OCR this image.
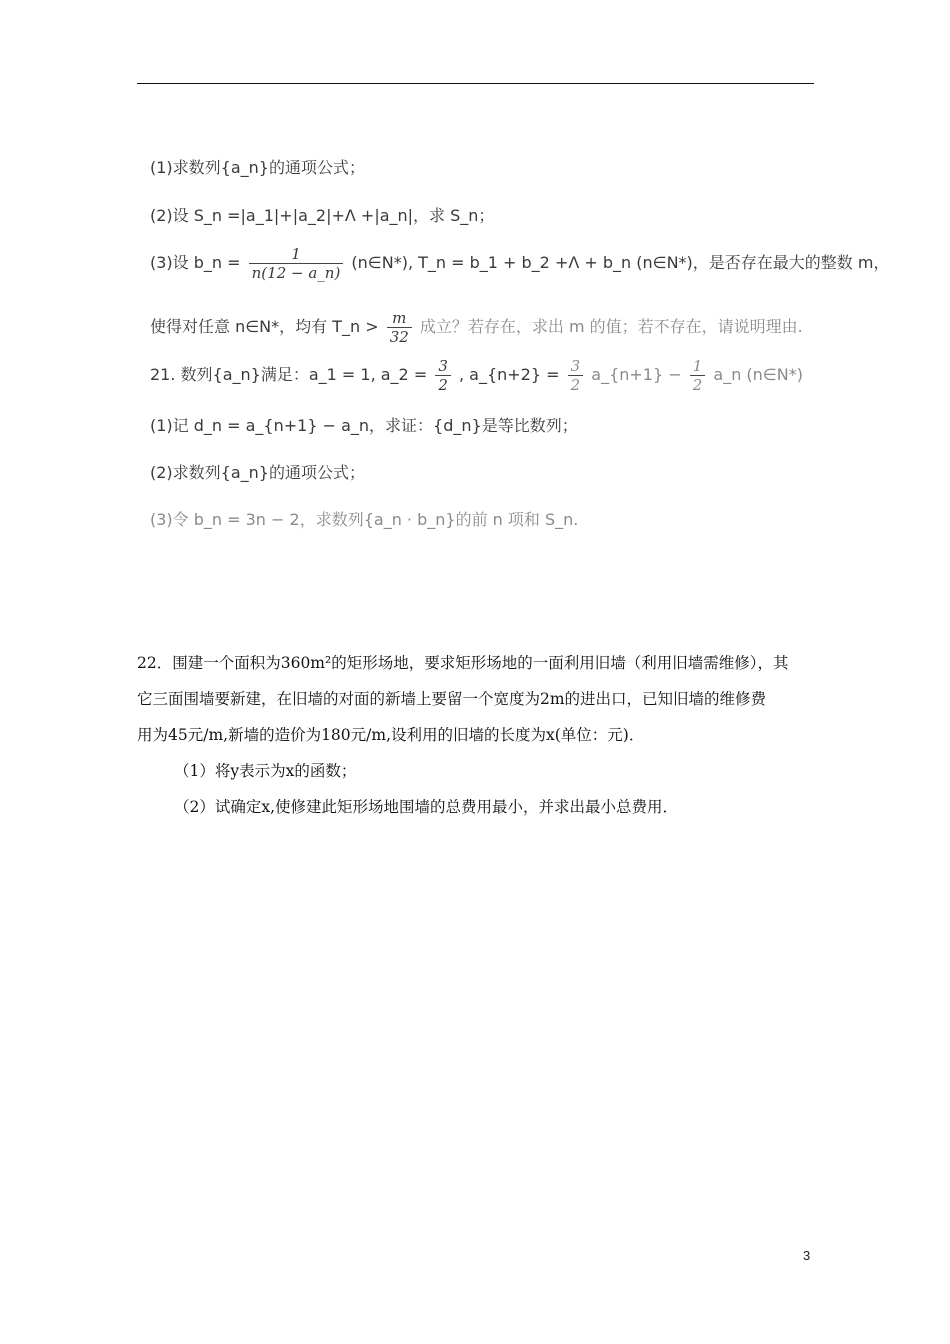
(1)求数列{a_n}的通项公式；
(2)设 S_n =|a_1|+|a_2|+Λ +|a_n|，求 S_n；
(3)设 b_n = $\frac{1}{n(12 - a\_n)}$ (n∈N*), T_n = b_1 + b_2 +Λ + b_n (n∈N*)，是否存在最大的整数 m，
使得对任意 n∈N*，均有 T_n > $\frac{m}{32}$ 成立？若存在，求出 m 的值；若不存在，请说明理由.
21. 数列{a_n}满足：a_1 = 1, a_2 = $\frac{3}{2}$ , a_{n+2} = $\frac{3}{2}$ a_{n+1} − $\frac{1}{2}$ a_n (n∈N*)
(1)记 d_n = a_{n+1} − a_n，求证：{d_n}是等比数列；
(2)求数列{a_n}的通项公式；
(3)令 b_n = 3n − 2，求数列{a_n · b_n}的前 n 项和 S_n.

22．围建一个面积为360m²的矩形场地，要求矩形场地的一面利用旧墙（利用旧墙需维修），其

它三面围墙要新建，在旧墙的对面的新墙上要留一个宽度为2m的进出口，已知旧墙的维修费

用为45元/m,新墙的造价为180元/m,设利用的旧墙的长度为x(单位：元)．

（1）将y表示为x的函数；

（2）试确定x,使修建此矩形场地围墙的总费用最小，并求出最小总费用．

3
